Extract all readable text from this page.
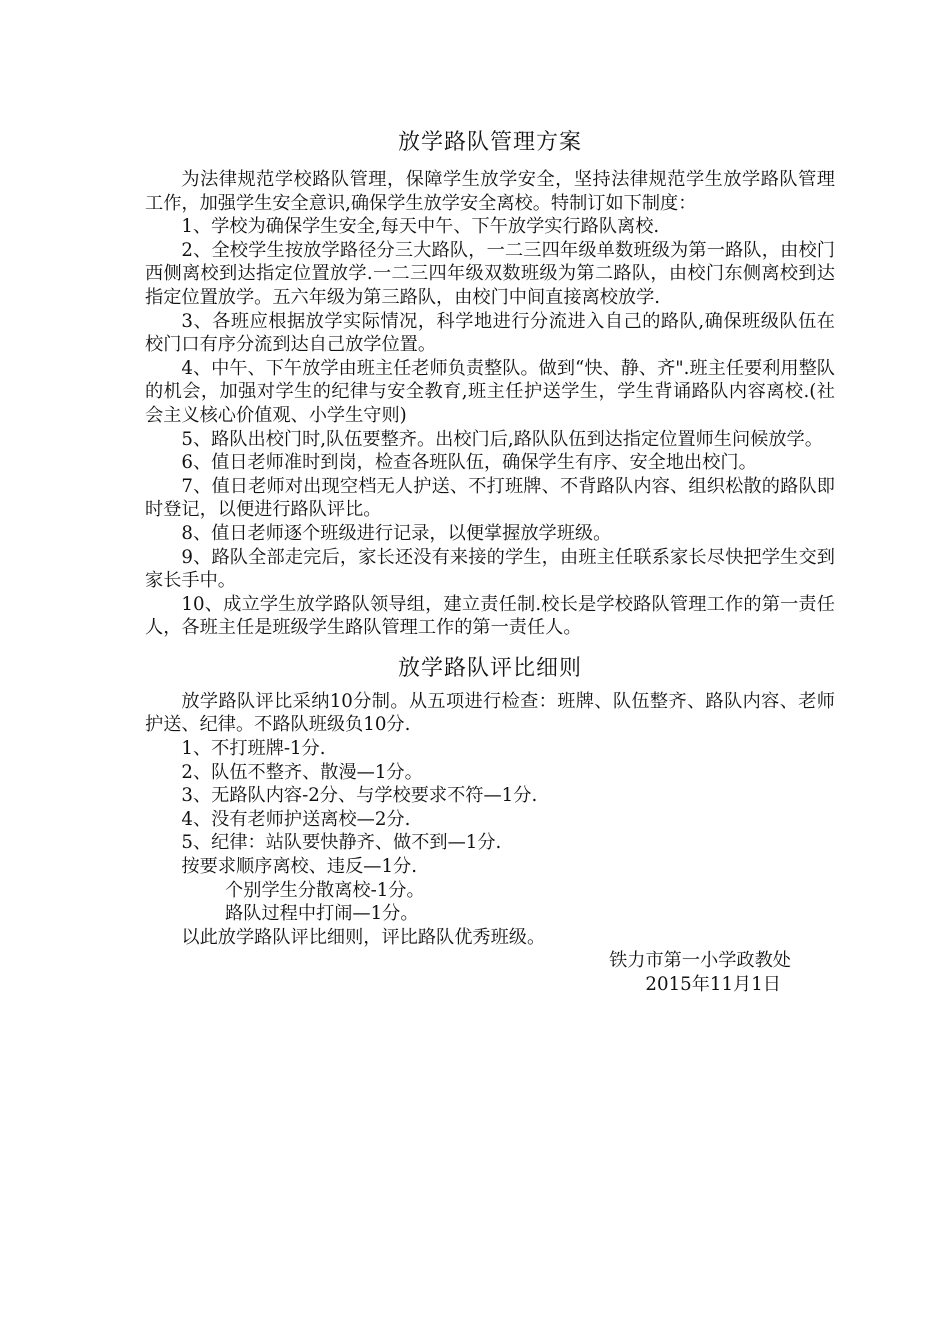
放学路队管理方案

为法律规范学校路队管理，保障学生放学安全，坚持法律规范学生放学路队管理工作，加强学生安全意识,确保学生放学安全离校。特制订如下制度：

1、学校为确保学生安全,每天中午、下午放学实行路队离校.

2、全校学生按放学路径分三大路队，一二三四年级单数班级为第一路队，由校门西侧离校到达指定位置放学.一二三四年级双数班级为第二路队，由校门东侧离校到达指定位置放学。五六年级为第三路队，由校门中间直接离校放学.

3、各班应根据放学实际情况，科学地进行分流进入自己的路队,确保班级队伍在校门口有序分流到达自己放学位置。

4、中午、下午放学由班主任老师负责整队。做到“快、静、齐".班主任要利用整队的机会，加强对学生的纪律与安全教育,班主任护送学生，学生背诵路队内容离校.(社会主义核心价值观、小学生守则)

5、路队出校门时,队伍要整齐。出校门后,路队队伍到达指定位置师生问候放学。

6、值日老师准时到岗，检查各班队伍，确保学生有序、安全地出校门。

7、值日老师对出现空档无人护送、不打班牌、不背路队内容、组织松散的路队即时登记，以便进行路队评比。

8、值日老师逐个班级进行记录，以便掌握放学班级。

9、路队全部走完后，家长还没有来接的学生，由班主任联系家长尽快把学生交到家长手中。

10、成立学生放学路队领导组，建立责任制.校长是学校路队管理工作的第一责任人，各班主任是班级学生路队管理工作的第一责任人。

放学路队评比细则

放学路队评比采纳10分制。从五项进行检查：班牌、队伍整齐、路队内容、老师护送、纪律。不路队班级负10分.

1、不打班牌-1分.

2、队伍不整齐、散漫—1分。

3、无路队内容-2分、与学校要求不符—1分.

4、没有老师护送离校—2分.

5、纪律：站队要快静齐、做不到—1分.

按要求顺序离校、违反—1分.

个别学生分散离校-1分。

路队过程中打闹—1分。

以此放学路队评比细则，评比路队优秀班级。

铁力市第一小学政教处

2015年11月1日
